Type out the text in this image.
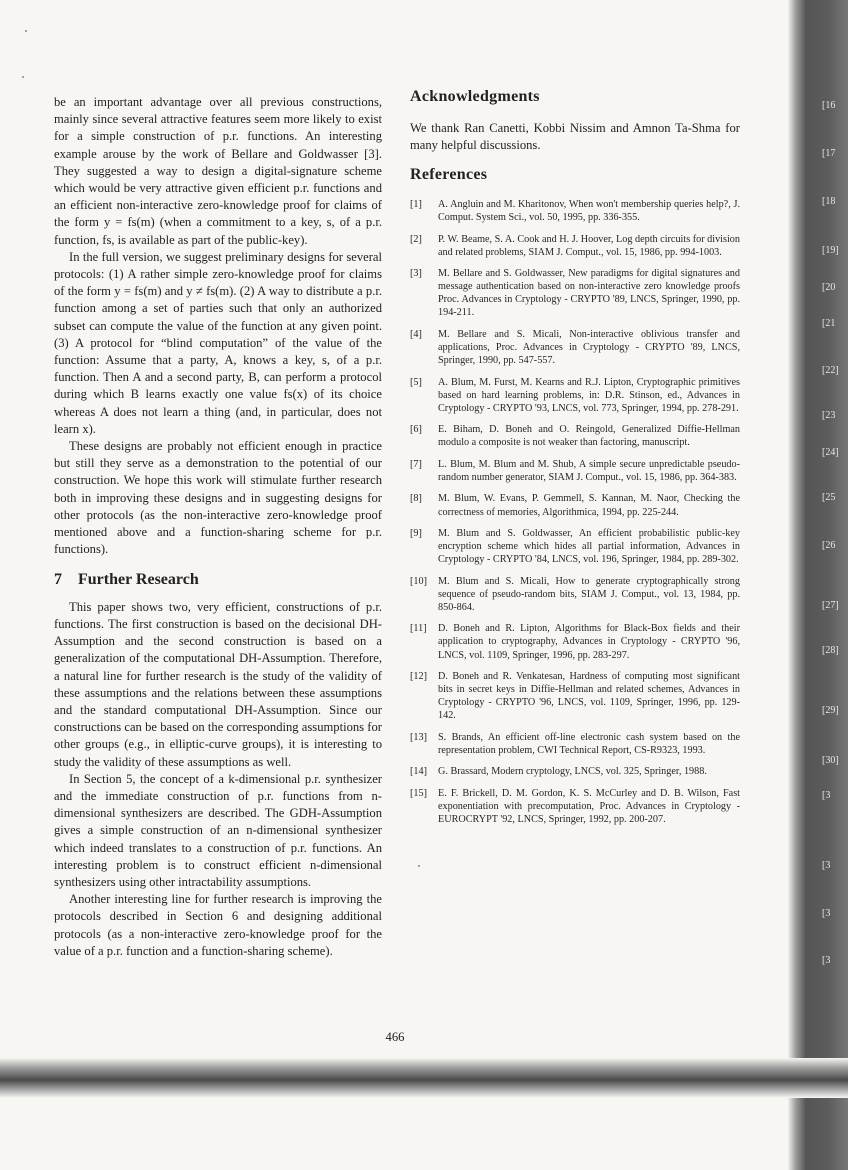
be an important advantage over all previous constructions, mainly since several attractive features seem more likely to exist for a simple construction of p.r. functions. An interesting example arouse by the work of Bellare and Goldwasser [3]. They suggested a way to design a digital-signature scheme which would be very attractive given efficient p.r. functions and an efficient non-interactive zero-knowledge proof for claims of the form y = fs(m) (when a commitment to a key, s, of a p.r. function, fs, is available as part of the public-key).

In the full version, we suggest preliminary designs for several protocols: (1) A rather simple zero-knowledge proof for claims of the form y = fs(m) and y ≠ fs(m). (2) A way to distribute a p.r. function among a set of parties such that only an authorized subset can compute the value of the function at any given point. (3) A protocol for “blind computation” of the value of the function: Assume that a party, A, knows a key, s, of a p.r. function. Then A and a second party, B, can perform a protocol during which B learns exactly one value fs(x) of its choice whereas A does not learn a thing (and, in particular, does not learn x).

These designs are probably not efficient enough in practice but still they serve as a demonstration to the potential of our construction. We hope this work will stimulate further research both in improving these designs and in suggesting designs for other protocols (as the non-interactive zero-knowledge proof mentioned above and a function-sharing scheme for p.r. functions).

7 Further Research

This paper shows two, very efficient, constructions of p.r. functions. The first construction is based on the decisional DH-Assumption and the second construction is based on a generalization of the computational DH-Assumption. Therefore, a natural line for further research is the study of the validity of these assumptions and the relations between these assumptions and the standard computational DH-Assumption. Since our constructions can be based on the corresponding assumptions for other groups (e.g., in elliptic-curve groups), it is interesting to study the validity of these assumptions as well.

In Section 5, the concept of a k-dimensional p.r. synthesizer and the immediate construction of p.r. functions from n-dimensional synthesizers are described. The GDH-Assumption gives a simple construction of an n-dimensional synthesizer which indeed translates to a construction of p.r. functions. An interesting problem is to construct efficient n-dimensional synthesizers using other intractability assumptions.

Another interesting line for further research is improving the protocols described in Section 6 and designing additional protocols (as a non-interactive zero-knowledge proof for the value of a p.r. function and a function-sharing scheme).

Acknowledgments

We thank Ran Canetti, Kobbi Nissim and Amnon Ta-Shma for many helpful discussions.

References
[1]	A. Angluin and M. Kharitonov, When won't membership queries help?, J. Comput. System Sci., vol. 50, 1995, pp. 336-355.
[2]	P. W. Beame, S. A. Cook and H. J. Hoover, Log depth circuits for division and related problems, SIAM J. Comput., vol. 15, 1986, pp. 994-1003.
[3]	M. Bellare and S. Goldwasser, New paradigms for digital signatures and message authentication based on non-interactive zero knowledge proofs Proc. Advances in Cryptology - CRYPTO '89, LNCS, Springer, 1990, pp. 194-211.
[4]	M. Bellare and S. Micali, Non-interactive oblivious transfer and applications, Proc. Advances in Cryptology - CRYPTO '89, LNCS, Springer, 1990, pp. 547-557.
[5]	A. Blum, M. Furst, M. Kearns and R.J. Lipton, Cryptographic primitives based on hard learning problems, in: D.R. Stinson, ed., Advances in Cryptology - CRYPTO '93, LNCS, vol. 773, Springer, 1994, pp. 278-291.
[6]	E. Biham, D. Boneh and O. Reingold, Generalized Diffie-Hellman modulo a composite is not weaker than factoring, manuscript.
[7]	L. Blum, M. Blum and M. Shub, A simple secure unpredictable pseudo-random number generator, SIAM J. Comput., vol. 15, 1986, pp. 364-383.
[8]	M. Blum, W. Evans, P. Gemmell, S. Kannan, M. Naor, Checking the correctness of memories, Algorithmica, 1994, pp. 225-244.
[9]	M. Blum and S. Goldwasser, An efficient probabilistic public-key encryption scheme which hides all partial information, Advances in Cryptology - CRYPTO '84, LNCS, vol. 196, Springer, 1984, pp. 289-302.
[10]	M. Blum and S. Micali, How to generate cryptographically strong sequence of pseudo-random bits, SIAM J. Comput., vol. 13, 1984, pp. 850-864.
[11]	D. Boneh and R. Lipton, Algorithms for Black-Box fields and their application to cryptography, Advances in Cryptology - CRYPTO '96, LNCS, vol. 1109, Springer, 1996, pp. 283-297.
[12]	D. Boneh and R. Venkatesan, Hardness of computing most significant bits in secret keys in Diffie-Hellman and related schemes, Advances in Cryptology - CRYPTO '96, LNCS, vol. 1109, Springer, 1996, pp. 129-142.
[13]	S. Brands, An efficient off-line electronic cash system based on the representation problem, CWI Technical Report, CS-R9323, 1993.
[14]	G. Brassard, Modern cryptology, LNCS, vol. 325, Springer, 1988.
[15]	E. F. Brickell, D. M. Gordon, K. S. McCurley and D. B. Wilson, Fast exponentiation with precomputation, Proc. Advances in Cryptology - EUROCRYPT '92, LNCS, Springer, 1992, pp. 200-207.
466
[16
[17
[18
[19]
[20
[21
[22]
[23
[24]
[25
[26
[27]
[28]
[29]
[30]
[3
[3
[3
[3
